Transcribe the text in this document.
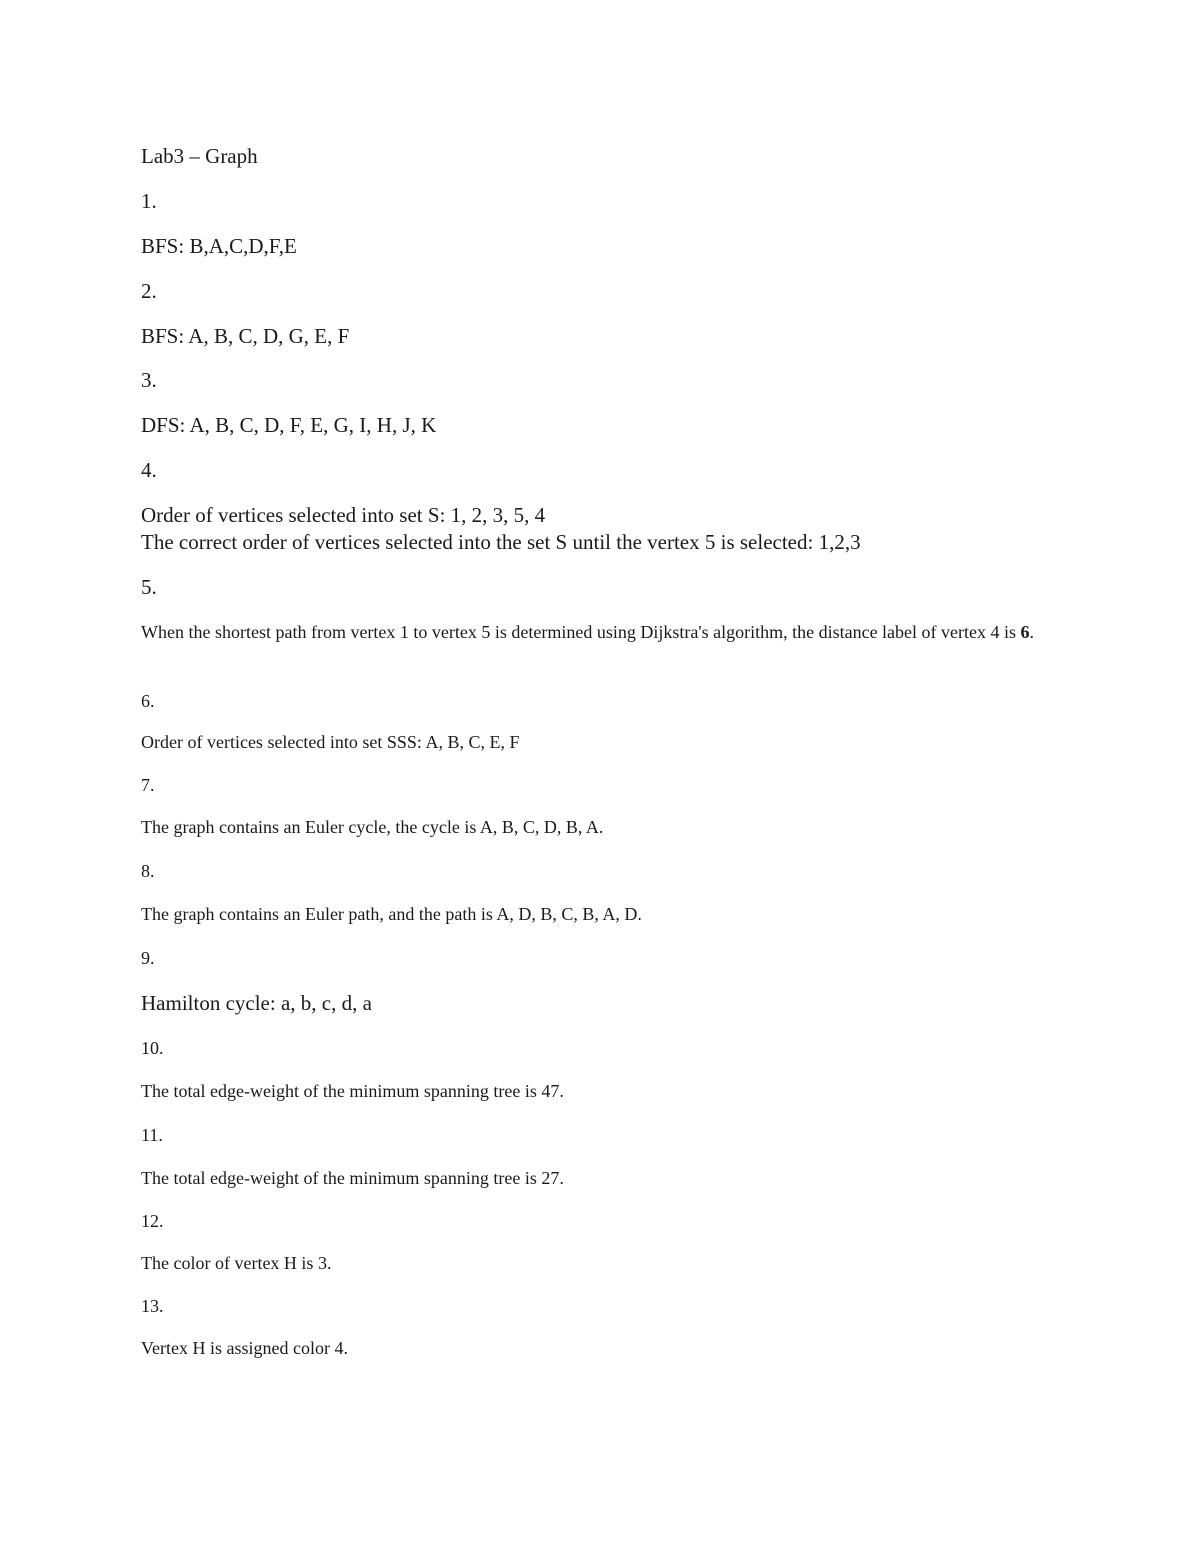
Lab3 – Graph
1.
BFS: B,A,C,D,F,E
2.
BFS: A, B, C, D, G, E, F
3.
DFS: A, B, C, D, F, E, G, I, H, J, K
4.
Order of vertices selected into set S: 1, 2, 3, 5, 4
The correct order of vertices selected into the set S until the vertex 5 is selected: 1,2,3
5.
When the shortest path from vertex 1 to vertex 5 is determined using Dijkstra's algorithm, the distance label of vertex 4 is 6.
6.
Order of vertices selected into set SSS: A, B, C, E, F
7.
The graph contains an Euler cycle, the cycle is A, B, C, D, B, A.
8.
The graph contains an Euler path, and the path is A, D, B, C, B, A, D.
9.
Hamilton cycle: a, b, c, d, a
10.
The total edge-weight of the minimum spanning tree is 47.
11.
The total edge-weight of the minimum spanning tree is 27.
12.
The color of vertex H is 3.
13.
Vertex H is assigned color 4.
